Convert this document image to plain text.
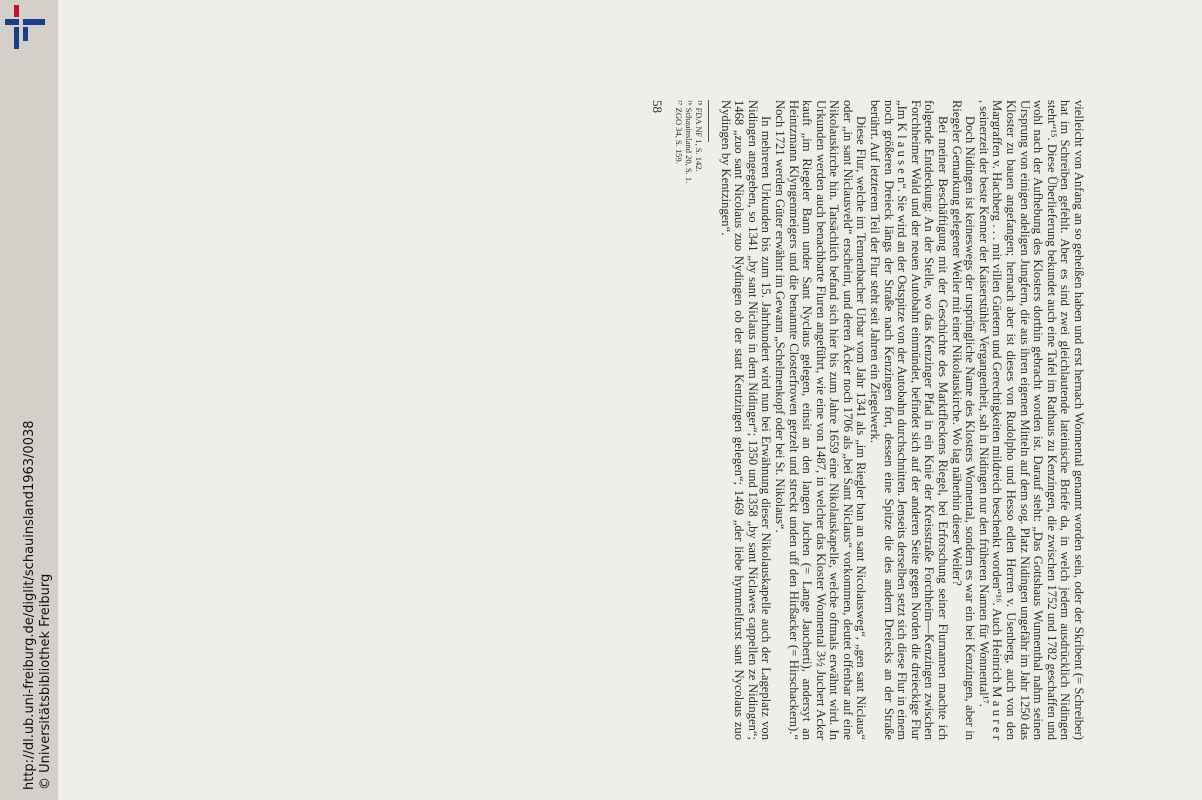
http://dl.ub.uni-freiburg.de/diglit/schauinsland1963/0038 © Universitätsbibliothek Freiburg	vielleicht von Anfang an so geheißen haben und erst hernach Wonnental genannt worden sein, oder der Skribent (= Schreiber) hat im Schreiben gefehlt. Aber es sind zwei gleichlautende lateinische Briefe da, in welch jedem ausdrücklich Nidingen steht“¹⁵. Diese Überlieferung bekundet auch eine Tafel im Rathaus zu Kenzingen, die zwischen 1752 und 1782 geschaffen und wohl nach der Aufhebung des Klosters dorthin gebracht worden ist. Darauf steht: „Das Gottshaus Wunnenthal nahm seinen Ursprung von einigen adeligen Jungfern, die aus ihren eigenen Mitteln auf dem sog. Platz Nidingen ungefähr im Jahr 1250 das Kloster zu bauen angefangen; hernach aber ist dieses von Rudolpho und Hesso edlen Herren v. Usenberg, auch von den Margraffen v. Hachberg . . . mit villen Güetern und Gerechtigkeiten mildreich beschenkt worden“¹⁶. Auch Heinrich M a u r e r , seinerzeit der beste Kenner der Kaiserstühler Vergangenheit, sah in Nidingen nur den früheren Namen für Wonnental¹⁷.

Doch Nidingen ist keineswegs der ursprüngliche Name des Klosters Wonnental, sondern es war ein bei Kenzingen, aber in Riegeler Gemarkung gelegener Weiler mit einer Nikolauskirche. Wo lag näherhin dieser Weiler?

Bei meiner Beschäftigung mit der Geschichte des Marktfleckens Riegel, bei Erforschung seiner Flurnamen machte ich folgende Entdeckung: An der Stelle, wo das Kenzinger Pfad in ein Knie der Kreisstraße Forchheim—Kenzingen zwischen Forchheimer Wald und der neuen Autobahn einmündet, befindet sich auf der anderen Seite gegen Norden die dreieckige Flur „Im K l a u s e n“. Sie wird an der Ostspitze von der Autobahn durchschnitten. Jenseits derselben setzt sich diese Flur in einem noch größeren Dreieck längs der Straße nach Kenzingen fort, dessen eine Spitze die des andern Dreiecks an der Straße berührt. Auf letzterem Teil der Flur steht seit Jahren ein Ziegelwerk.

Diese Flur, welche im Tennenbacher Urbar vom Jahr 1341 als „im Riegler ban an sant Nicolausweg“, „gen sant Niclaus“ oder „in sant Niclausveld“ erscheint, und deren Äcker noch 1706 als „bei Sant Niclaus“ vorkommen, deutet offenbar auf eine Nikolauskirche hin. Tatsächlich befand sich hier bis zum Jahre 1659 eine Nikolauskapelle, welche oftmals erwähnt wird. In Urkunden werden auch benachbarte Fluren angeführt, wie eine von 1487, in welcher das Kloster Wonnental 3½ Juchert Acker kauft „im Riegeler Bann under Sant Nyclaus gelegen, einsit an den langen Juchen (= Lange Jaucherti), andersyt an Heintzmann Klyngenmeigers und die benannte Closterfrowen getzelt und streckt unden uff den Hirßacker (= Hirschackern).“ Noch 1721 werden Güter erwähnt im Gewann „Schelmenkopf oder bei St. Nikolaus“.

In mehreren Urkunden bis zum 15. Jahrhundert wird nun bei Erwähnung dieser Nikolauskapelle auch der Lageplatz von Nidingen angegeben, so 1341 „by sant Niclaus in dem Nidinger“; 1350 und 1358 „by sant Niclawes cappellen ze Nidingen“; 1468 „zuo sant Nicolaus zuo Nydingen ob der statt Kentzingen gelegen“; 1469 „der liebe hymmelfurst sant Nycolaus zuo Nydingen by Kentzingen“.

¹⁵ FDA NF 1, S. 142.
¹⁶ Schauinsland 20, S. 1.
¹⁷ ZGO 34, S. 159.
58
